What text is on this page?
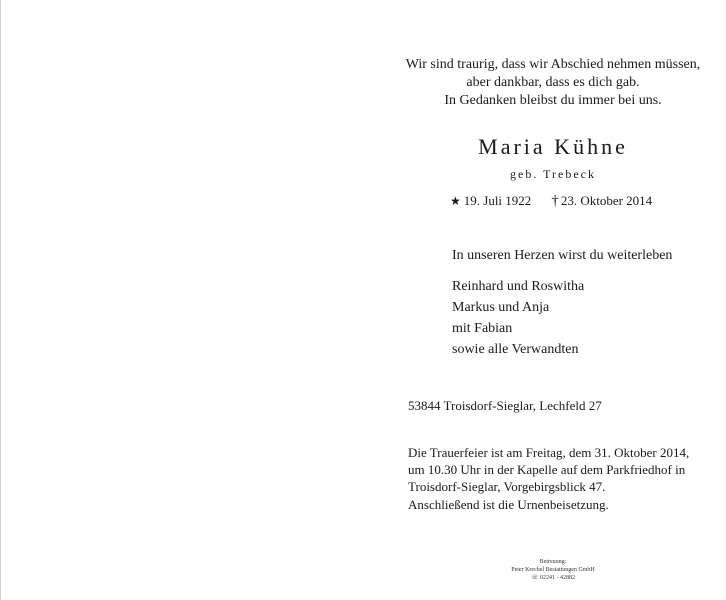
Wir sind traurig, dass wir Abschied nehmen müssen,
aber dankbar, dass es dich gab.
In Gedanken bleibst du immer bei uns.
Maria Kühne
geb. Trebeck
★ 19. Juli 1922 † 23. Oktober 2014
In unseren Herzen wirst du weiterleben
Reinhard und Roswitha
Markus und Anja
mit Fabian
sowie alle Verwandten
53844 Troisdorf-Sieglar, Lechfeld 27
Die Trauerfeier ist am Freitag, dem 31. Oktober 2014,
um 10.30 Uhr in der Kapelle auf dem Parkfriedhof in
Troisdorf-Sieglar, Vorgebirgsblick 47.
Anschließend ist die Urnenbeisetzung.
Betreuung:
Peter Krechel Bestattungen GmbH
☏ 02241 - 42882
